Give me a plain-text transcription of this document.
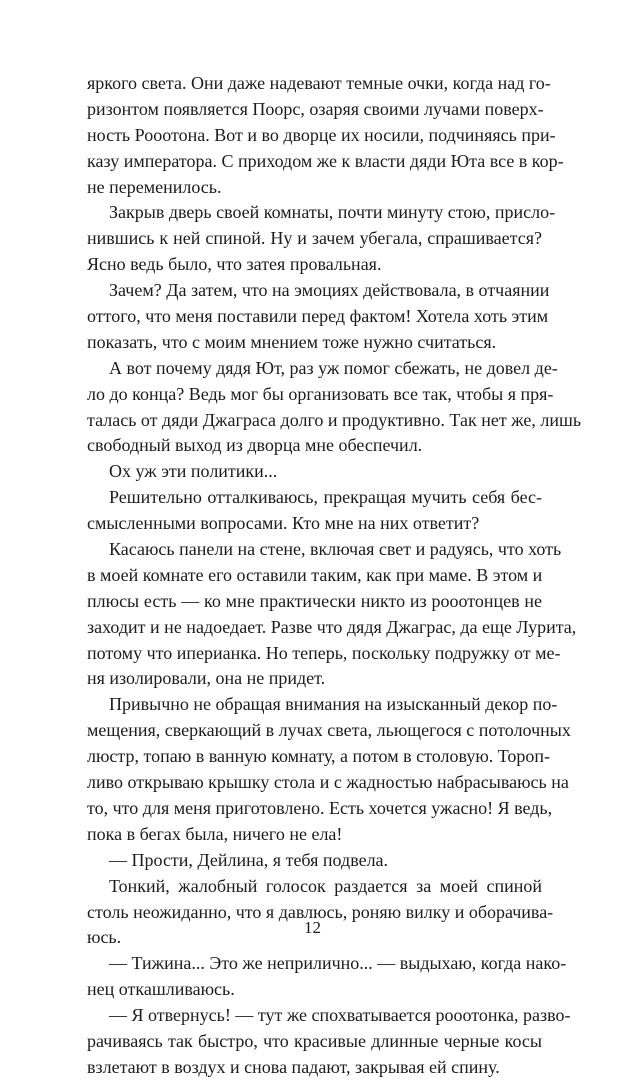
яркого света. Они даже надевают темные очки, когда над го-
ризонтом появляется Поорс, озаряя своими лучами поверх-
ность Рооотона. Вот и во дворце их носили, подчиняясь при-
казу императора. С приходом же к власти дяди Юта все в кор-
не переменилось.
Закрыв дверь своей комнаты, почти минуту стою, присло-
нившись к ней спиной. Ну и зачем убегала, спрашивается?
Ясно ведь было, что затея провальная.
Зачем? Да затем, что на эмоциях действовала, в отчаянии
оттого, что меня поставили перед фактом! Хотела хоть этим
показать, что с моим мнением тоже нужно считаться.
А вот почему дядя Ют, раз уж помог сбежать, не довел де-
ло до конца? Ведь мог бы организовать все так, чтобы я пря-
талась от дяди Джаграса долго и продуктивно. Так нет же, лишь
свободный выход из дворца мне обеспечил.
Ох уж эти политики...
Решительно отталкиваюсь, прекращая мучить себя бес-
смысленными вопросами. Кто мне на них ответит?
Касаюсь панели на стене, включая свет и радуясь, что хоть
в моей комнате его оставили таким, как при маме. В этом и
плюсы есть — ко мне практически никто из рооотонцев не
заходит и не надоедает. Разве что дядя Джаграс, да еще Лурита,
потому что иперианка. Но теперь, поскольку подружку от ме-
ня изолировали, она не придет.
Привычно не обращая внимания на изысканный декор по-
мещения, сверкающий в лучах света, льющегося с потолочных
люстр, топаю в ванную комнату, а потом в столовую. Тороп-
ливо открываю крышку стола и с жадностью набрасываюсь на
то, что для меня приготовлено. Есть хочется ужасно! Я ведь,
пока в бегах была, ничего не ела!
— Прости, Дейлина, я тебя подвела.
Тонкий, жалобный голосок раздается за моей спиной
столь неожиданно, что я давлюсь, роняю вилку и оборачива-
юсь.
— Тижина... Это же неприлично... — выдыхаю, когда нако-
нец откашливаюсь.
— Я отвернусь! — тут же спохватывается рооотонка, разво-
рачиваясь так быстро, что красивые длинные черные косы
взлетают в воздух и снова падают, закрывая ей спину.
12
